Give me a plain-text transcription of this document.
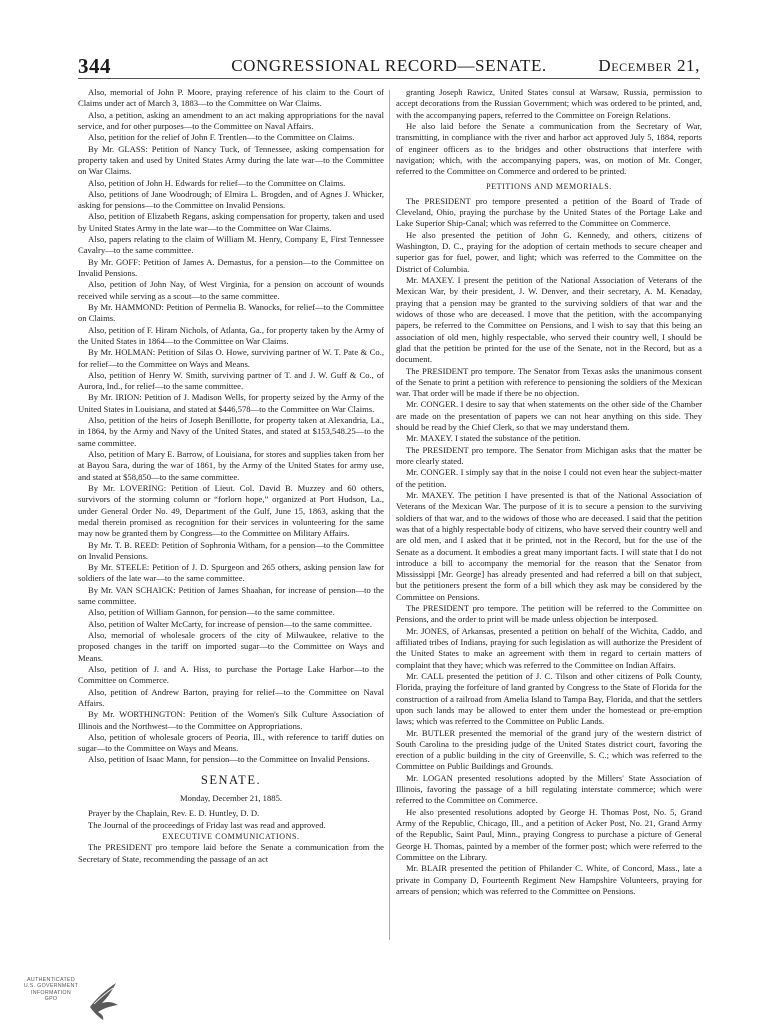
344	CONGRESSIONAL RECORD—SENATE.	December 21,

Also, memorial of John P. Moore, praying reference of his claim to the Court of Claims under act of March 3, 1883—to the Committee on War Claims.

Also, a petition, asking an amendment to an act making appropriations for the naval service, and for other purposes—to the Committee on Naval Affairs.

Also, petition for the relief of John F. Trentlen—to the Committee on Claims.

By Mr. GLASS: Petition of Nancy Tuck, of Tennessee, asking compensation for property taken and used by United States Army during the late war—to the Committee on War Claims.

Also, petition of John H. Edwards for relief—to the Committee on Claims.

Also, petitions of Jane Woodrough; of Elmira L. Brogden, and of Agnes J. Whicker, asking for pensions—to the Committee on Invalid Pensions.

Also, petition of Elizabeth Regans, asking compensation for property, taken and used by United States Army in the late war—to the Committee on War Claims.

Also, papers relating to the claim of William M. Henry, Company E, First Tennessee Cavalry—to the same committee.

By Mr. GOFF: Petition of James A. Demastus, for a pension—to the Committee on Invalid Pensions.

Also, petition of John Nay, of West Virginia, for a pension on account of wounds received while serving as a scout—to the same committee.

By Mr. HAMMOND: Petition of Permelia B. Wanocks, for relief—to the Committee on Claims.

Also, petition of F. Hiram Nichols, of Atlanta, Ga., for property taken by the Army of the United States in 1864—to the Committee on War Claims.

By Mr. HOLMAN: Petition of Silas O. Howe, surviving partner of W. T. Pate & Co., for relief—to the Committee on Ways and Means.

Also, petition of Henry W. Smith, surviving partner of T. and J. W. Guff & Co., of Aurora, Ind., for relief—to the same committee.

By Mr. IRION: Petition of J. Madison Wells, for property seized by the Army of the United States in Louisiana, and stated at $446,578—to the Committee on War Claims.

Also, petition of the heirs of Joseph Benillotte, for property taken at Alexandria, La., in 1864, by the Army and Navy of the United States, and stated at $153,548.25—to the same committee.

Also, petition of Mary E. Barrow, of Louisiana, for stores and supplies taken from her at Bayou Sara, during the war of 1861, by the Army of the United States for army use, and stated at $58,850—to the same committee.

By Mr. LOVERING: Petition of Lieut. Col. David B. Muzzey and 60 others, survivors of the storming column or “forlorn hope,” organized at Port Hudson, La., under General Order No. 49, Department of the Gulf, June 15, 1863, asking that the medal therein promised as recognition for their services in volunteering for the same may now be granted them by Congress—to the Committee on Military Affairs.

By Mr. T. B. REED: Petition of Sophronia Witham, for a pension—to the Committee on Invalid Pensions.

By Mr. STEELE: Petition of J. D. Spurgeon and 265 others, asking pension law for soldiers of the late war—to the same committee.

By Mr. VAN SCHAICK: Petition of James Shaahan, for increase of pension—to the same committee.

Also, petition of William Gannon, for pension—to the same committee.

Also, petition of Walter McCarty, for increase of pension—to the same committee.

Also, memorial of wholesale grocers of the city of Milwaukee, relative to the proposed changes in the tariff on imported sugar—to the Committee on Ways and Means.

Also, petition of J. and A. Hiss, to purchase the Portage Lake Harbor—to the Committee on Commerce.

Also, petition of Andrew Barton, praying for relief—to the Committee on Naval Affairs.

By Mr. WORTHINGTON: Petition of the Women's Silk Culture Association of Illinois and the Northwest—to the Committee on Appropriations.

Also, petition of wholesale grocers of Peoria, Ill., with reference to tariff duties on sugar—to the Committee on Ways and Means.

Also, petition of Isaac Mann, for pension—to the Committee on Invalid Pensions.

SENATE.

Monday, December 21, 1885.

Prayer by the Chaplain, Rev. E. D. Huntley, D. D.

The Journal of the proceedings of Friday last was read and approved.

EXECUTIVE COMMUNICATIONS.

The PRESIDENT pro tempore laid before the Senate a communication from the Secretary of State, recommending the passage of an act

granting Joseph Rawicz, United States consul at Warsaw, Russia, permission to accept decorations from the Russian Government; which was ordered to be printed, and, with the accompanying papers, referred to the Committee on Foreign Relations.

He also laid before the Senate a communication from the Secretary of War, transmitting, in compliance with the river and harbor act approved July 5, 1884, reports of engineer officers as to the bridges and other obstructions that interfere with navigation; which, with the accompanying papers, was, on motion of Mr. Conger, referred to the Committee on Commerce and ordered to be printed.

PETITIONS AND MEMORIALS.

The PRESIDENT pro tempore presented a petition of the Board of Trade of Cleveland, Ohio, praying the purchase by the United States of the Portage Lake and Lake Superior Ship-Canal; which was referred to the Committee on Commerce.

He also presented the petition of John G. Kennedy, and others, citizens of Washington, D. C., praying for the adoption of certain methods to secure cheaper and superior gas for fuel, power, and light; which was referred to the Committee on the District of Columbia.

Mr. MAXEY. I present the petition of the National Association of Veterans of the Mexican War, by their president, J. W. Denver, and their secretary, A. M. Kenaday, praying that a pension may be granted to the surviving soldiers of that war and the widows of those who are deceased. I move that the petition, with the accompanying papers, be referred to the Committee on Pensions, and I wish to say that this being an association of old men, highly respectable, who served their country well, I should be glad that the petition be printed for the use of the Senate, not in the Record, but as a document.

The PRESIDENT pro tempore. The Senator from Texas asks the unanimous consent of the Senate to print a petition with reference to pensioning the soldiers of the Mexican war. That order will be made if there be no objection.

Mr. CONGER. I desire to say that when statements on the other side of the Chamber are made on the presentation of papers we can not hear anything on this side. They should be read by the Chief Clerk, so that we may understand them.

Mr. MAXEY. I stated the substance of the petition.

The PRESIDENT pro tempore. The Senator from Michigan asks that the matter be more clearly stated.

Mr. CONGER. I simply say that in the noise I could not even hear the subject-matter of the petition.

Mr. MAXEY. The petition I have presented is that of the National Association of Veterans of the Mexican War. The purpose of it is to secure a pension to the surviving soldiers of that war, and to the widows of those who are deceased. I said that the petition was that of a highly respectable body of citizens, who have served their country well and are old men, and I asked that it be printed, not in the Record, but for the use of the Senate as a document. It embodies a great many important facts. I will state that I do not introduce a bill to accompany the memorial for the reason that the Senator from Mississippi [Mr. George] has already presented and had referred a bill on that subject, but the petitioners present the form of a bill which they ask may be considered by the Committee on Pensions.

The PRESIDENT pro tempore. The petition will be referred to the Committee on Pensions, and the order to print will be made unless objection be interposed.

Mr. JONES, of Arkansas, presented a petition on behalf of the Wichita, Caddo, and affiliated tribes of Indians, praying for such legislation as will authorize the President of the United States to make an agreement with them in regard to certain matters of complaint that they have; which was referred to the Committee on Indian Affairs.

Mr. CALL presented the petition of J. C. Tilson and other citizens of Polk County, Florida, praying the forfeiture of land granted by Congress to the State of Florida for the construction of a railroad from Amelia Island to Tampa Bay, Florida, and that the settlers upon such lands may be allowed to enter them under the homestead or pre-emption laws; which was referred to the Committee on Public Lands.

Mr. BUTLER presented the memorial of the grand jury of the western district of South Carolina to the presiding judge of the United States district court, favoring the erection of a public building in the city of Greenville, S. C.; which was referred to the Committee on Public Buildings and Grounds.

Mr. LOGAN presented resolutions adopted by the Millers' State Association of Illinois, favoring the passage of a bill regulating interstate commerce; which were referred to the Committee on Commerce.

He also presented resolutions adopted by George H. Thomas Post, No. 5, Grand Army of the Republic, Chicago, Ill., and a petition of Acker Post, No. 21, Grand Army of the Republic, Saint Paul, Minn., praying Congress to purchase a picture of General George H. Thomas, painted by a member of the former post; which were referred to the Committee on the Library.

Mr. BLAIR presented the petition of Philander C. White, of Concord, Mass., late a private in Company D, Fourteenth Regiment New Hampshire Volunteers, praying for arrears of pension; which was referred to the Committee on Pensions.

AUTHENTICATED
U.S. GOVERNMENT
INFORMATION
GPO
